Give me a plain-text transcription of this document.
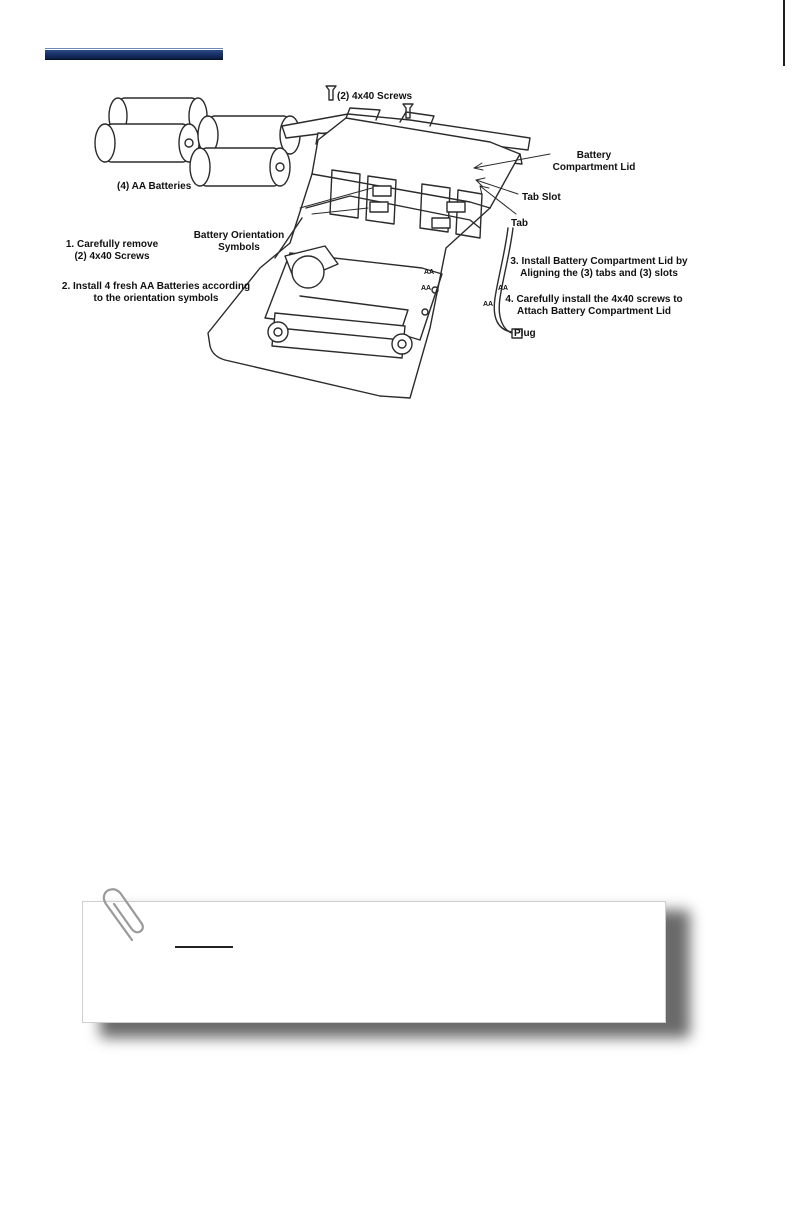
AA
AA	AA
AA
(2) 4x40 Screws
(4) AA Batteries
Battery
Compartment Lid
Tab Slot
Tab
Battery Orientation
Symbols
Plug
1. Carefully remove
(2) 4x40 Screws
2. Install 4 fresh AA Batteries according
to the orientation symbols
3. Install Battery Compartment Lid by
Aligning the (3) tabs and (3) slots
4. Carefully install the 4x40 screws to
Attach Battery Compartment Lid
